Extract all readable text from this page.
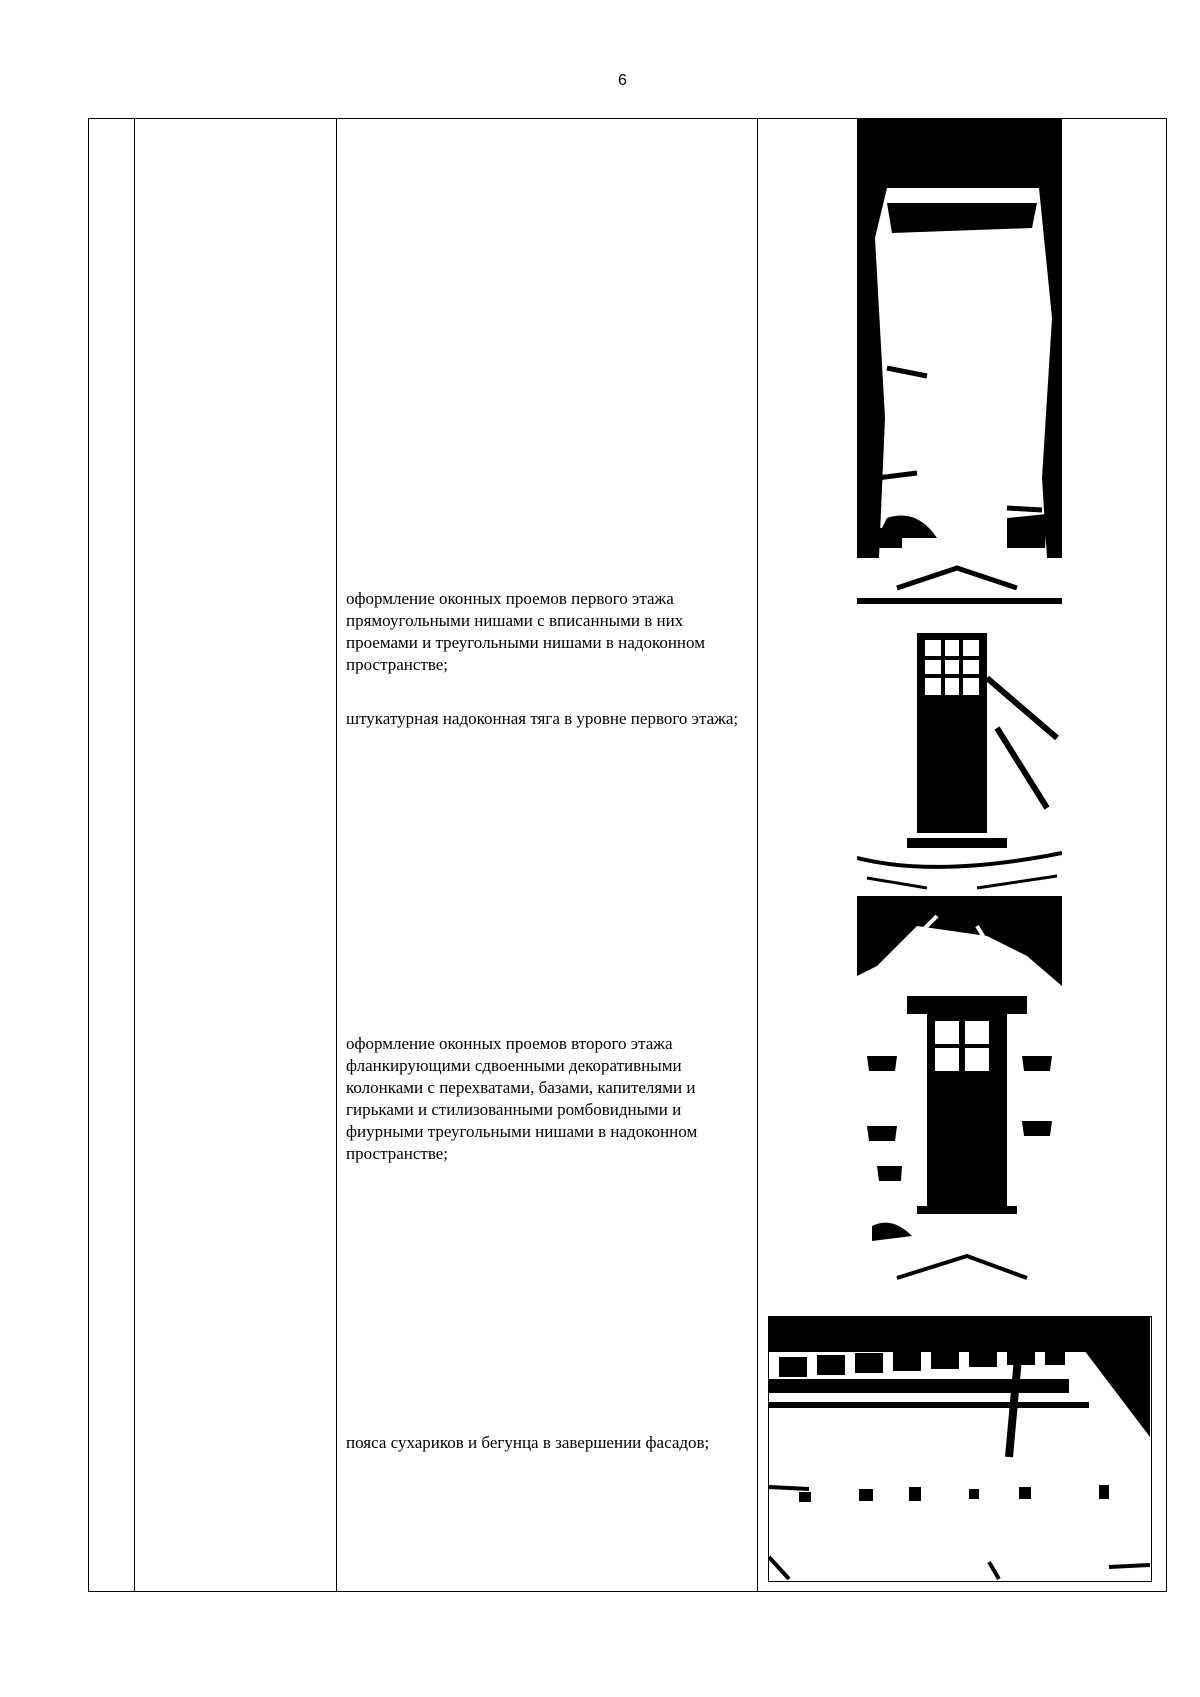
6

оформление оконных проемов первого этажа прямоугольными нишами с вписанными в них проемами и треугольными нишами в надоконном пространстве;

штукатурная надоконная тяга в уровне первого этажа;

оформление оконных проемов второго этажа фланкирующими сдвоенными декоративными колонками с перехватами, базами, капителями и гирьками и стилизованными ромбовидными и фиурными треугольными нишами в надоконном пространстве;

пояса сухариков и бегунца в завершении фасадов;
